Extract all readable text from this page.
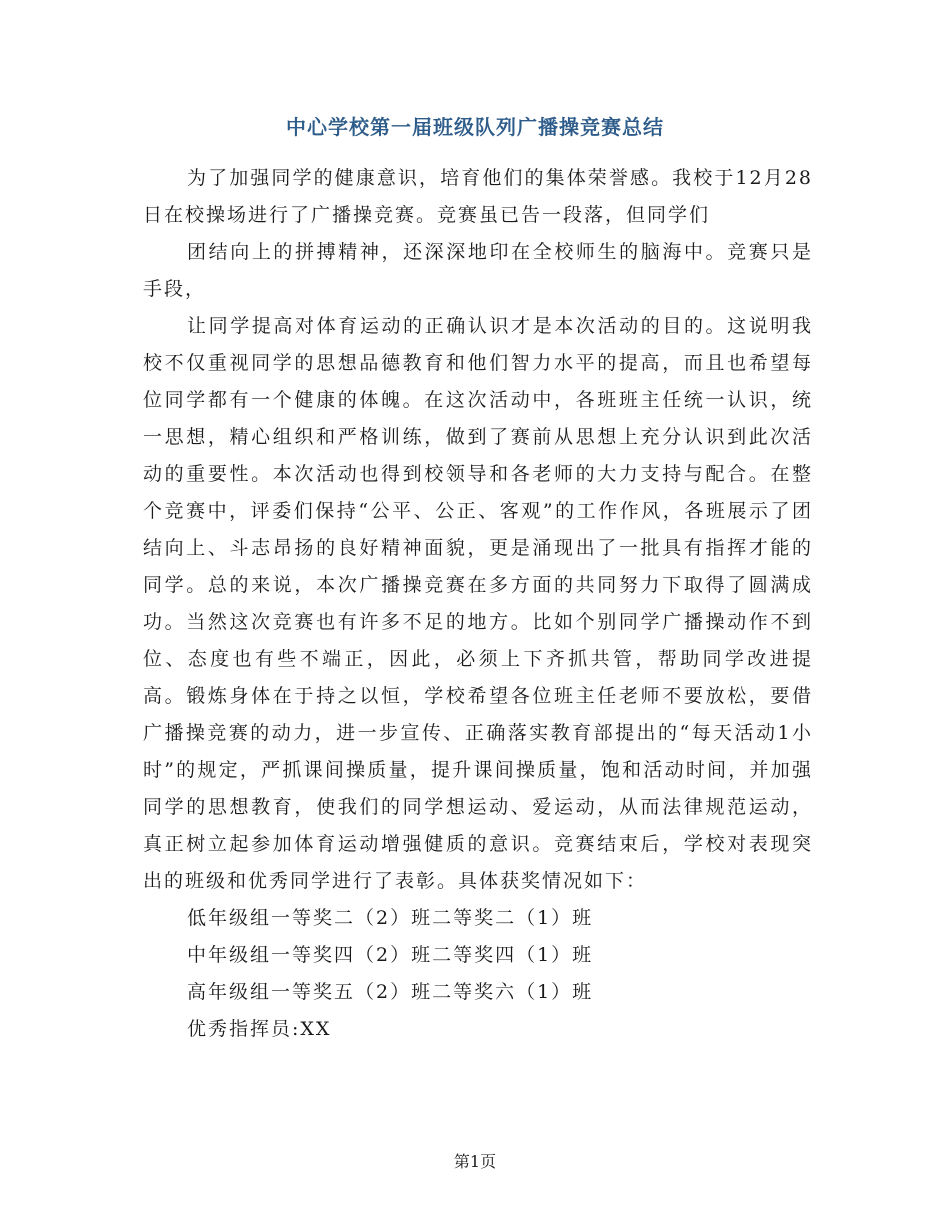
中心学校第一届班级队列广播操竞赛总结

为了加强同学的健康意识，培育他们的集体荣誉感。我校于12月28日在校操场进行了广播操竞赛。竞赛虽已告一段落，但同学们

团结向上的拼搏精神，还深深地印在全校师生的脑海中。竞赛只是手段，

让同学提高对体育运动的正确认识才是本次活动的目的。这说明我校不仅重视同学的思想品德教育和他们智力水平的提高，而且也希望每位同学都有一个健康的体魄。在这次活动中，各班班主任统一认识，统一思想，精心组织和严格训练，做到了赛前从思想上充分认识到此次活动的重要性。本次活动也得到校领导和各老师的大力支持与配合。在整个竞赛中，评委们保持“公平、公正、客观”的工作作风，各班展示了团结向上、斗志昂扬的良好精神面貌，更是涌现出了一批具有指挥才能的同学。总的来说，本次广播操竞赛在多方面的共同努力下取得了圆满成功。当然这次竞赛也有许多不足的地方。比如个别同学广播操动作不到位、态度也有些不端正，因此，必须上下齐抓共管，帮助同学改进提高。锻炼身体在于持之以恒，学校希望各位班主任老师不要放松，要借广播操竞赛的动力，进一步宣传、正确落实教育部提出的“每天活动1小时”的规定，严抓课间操质量，提升课间操质量，饱和活动时间，并加强同学的思想教育，使我们的同学想运动、爱运动，从而法律规范运动，真正树立起参加体育运动增强健质的意识。竞赛结束后，学校对表现突出的班级和优秀同学进行了表彰。具体获奖情况如下：

低年级组一等奖二（2）班二等奖二（1）班

中年级组一等奖四（2）班二等奖四（1）班

高年级组一等奖五（2）班二等奖六（1）班

优秀指挥员:XX

第1页
